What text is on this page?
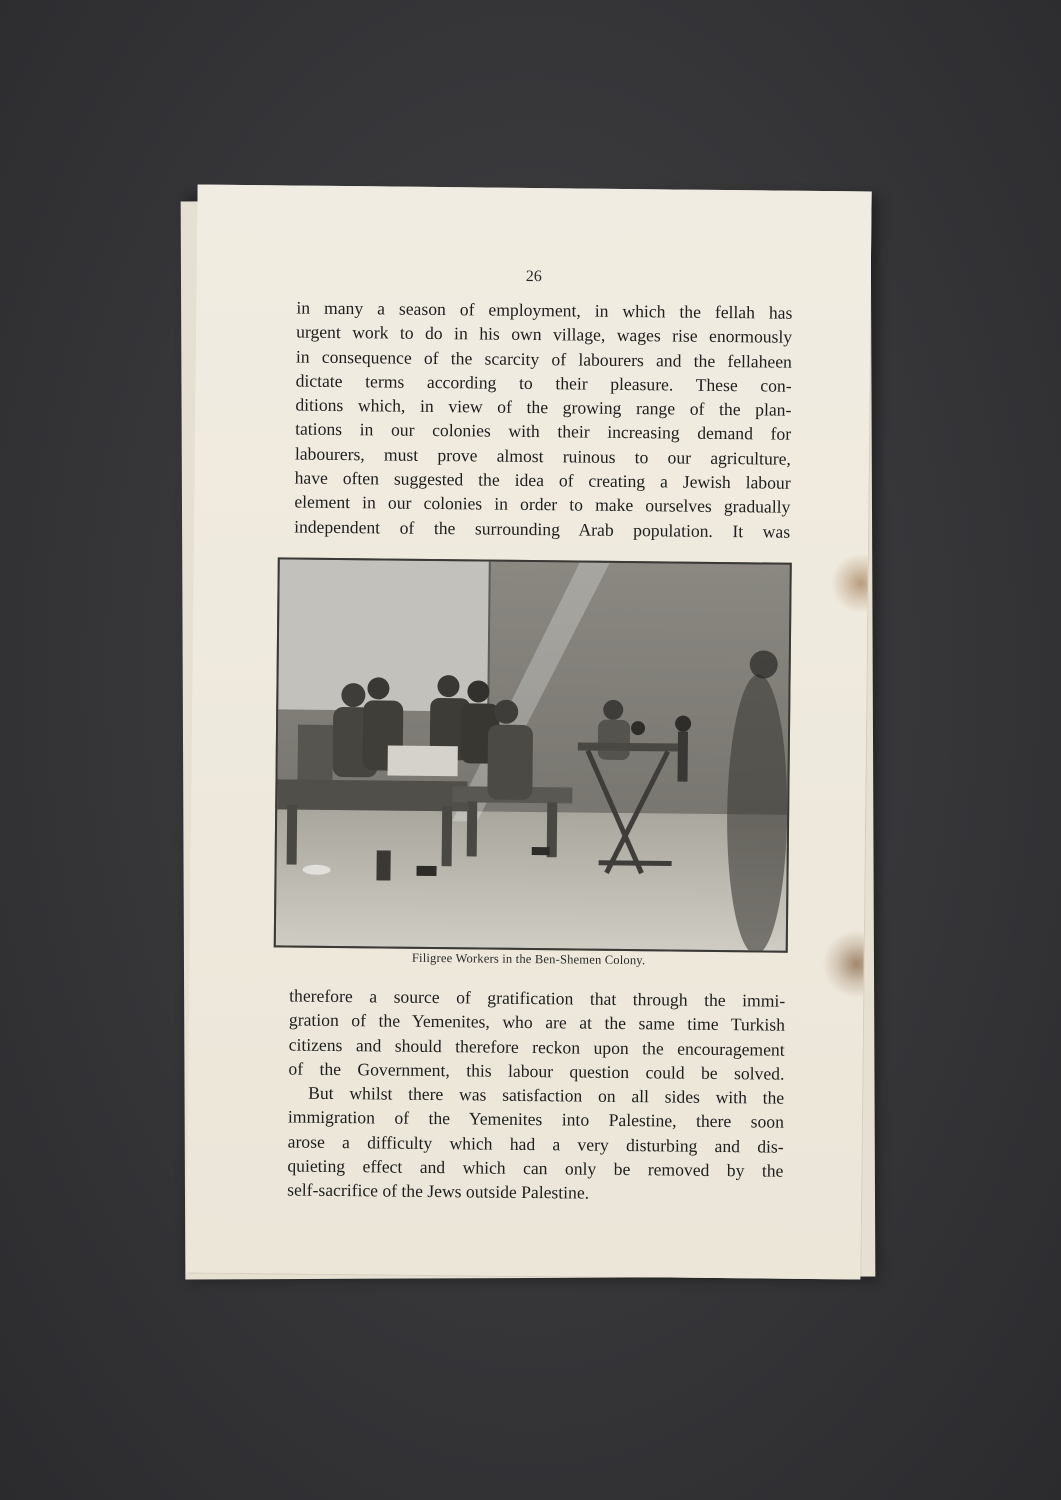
26
in many a season of employment, in which the fellah has
urgent work to do in his own village, wages rise enormously
in consequence of the scarcity of labourers and the fellaheen
dictate terms according to their pleasure. These con-
ditions which, in view of the growing range of the plan-
tations in our colonies with their increasing demand for
labourers, must prove almost ruinous to our agriculture,
have often suggested the idea of creating a Jewish labour
element in our colonies in order to make ourselves gradually
independent of the surrounding Arab population. It was
Filigree Workers in the Ben-Shemen Colony.
therefore a source of gratification that through the immi-
gration of the Yemenites, who are at the same time Turkish
citizens and should therefore reckon upon the encouragement
of the Government, this labour question could be solved.
But whilst there was satisfaction on all sides with the
immigration of the Yemenites into Palestine, there soon
arose a difficulty which had a very disturbing and dis-
quieting effect and which can only be removed by the
self-sacrifice of the Jews outside Palestine.
